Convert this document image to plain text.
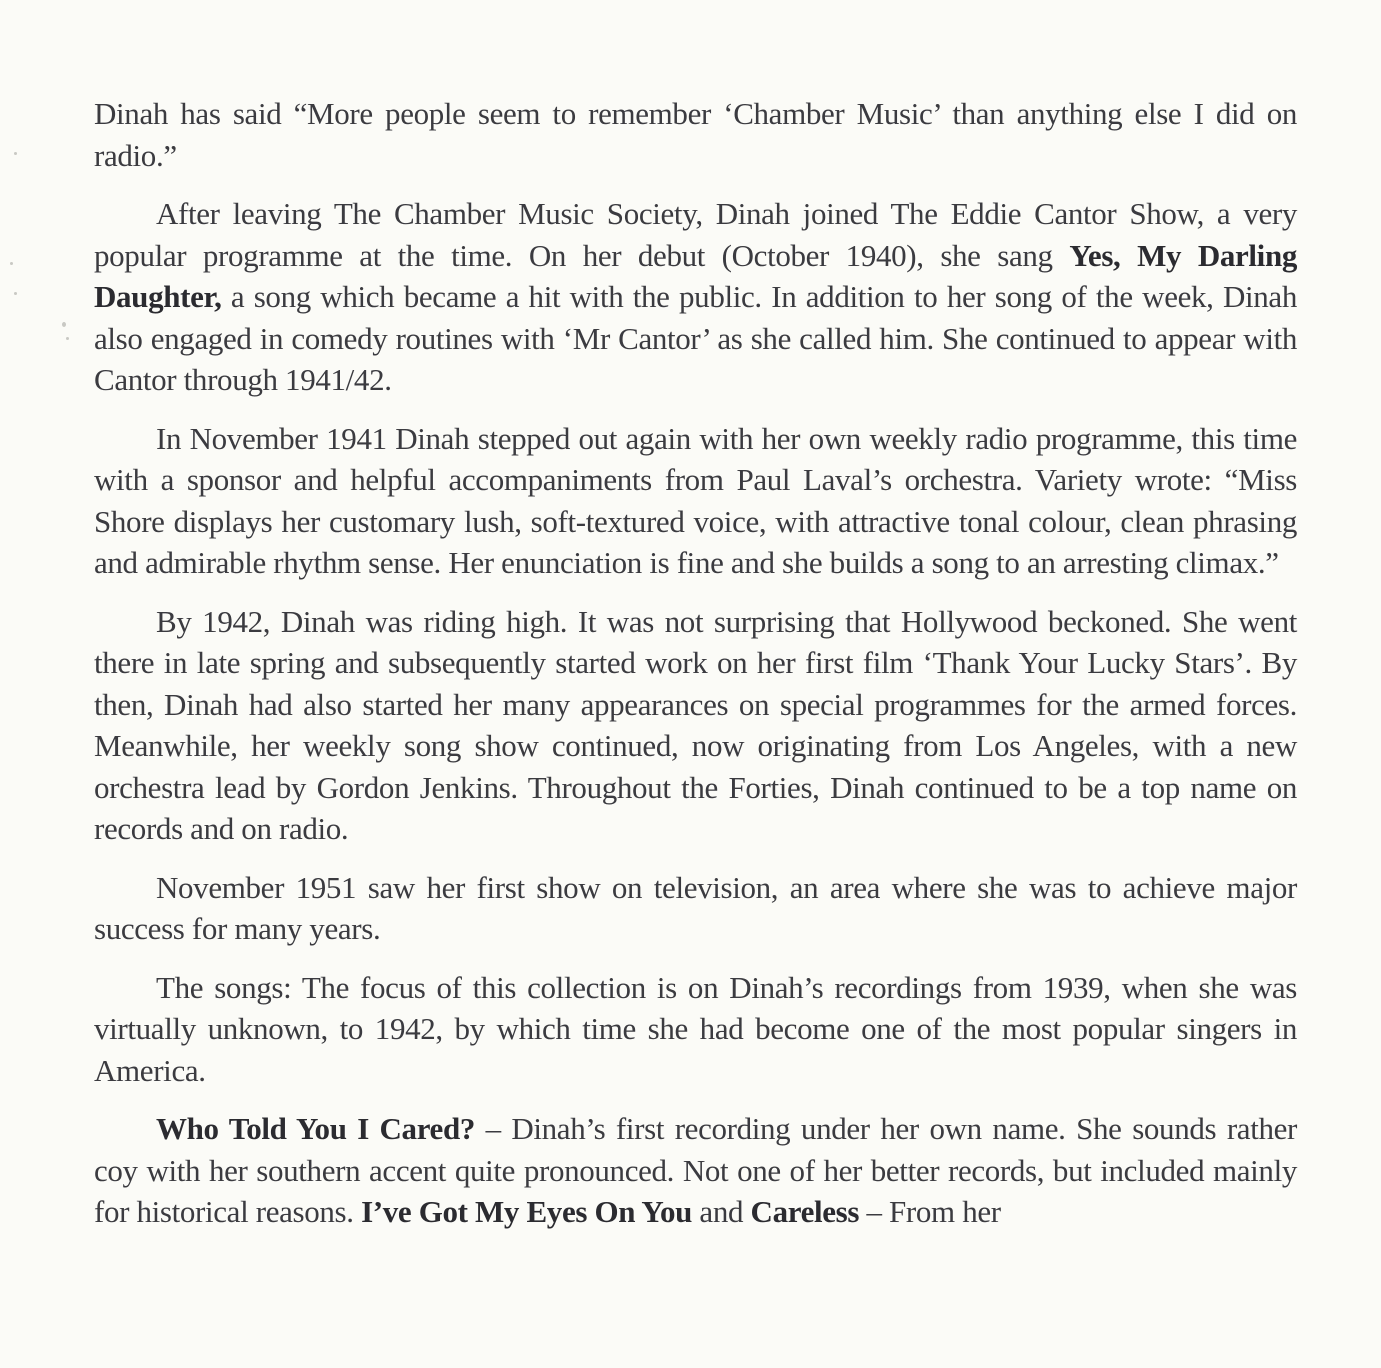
Dinah has said “More people seem to remember ‘Chamber Music’ than anything else I did on radio.”

After leaving The Chamber Music Society, Dinah joined The Eddie Cantor Show, a very popular programme at the time. On her debut (October 1940), she sang Yes, My Darling Daughter, a song which became a hit with the public. In addition to her song of the week, Dinah also engaged in comedy routines with ‘Mr Cantor’ as she called him. She continued to appear with Cantor through 1941/42.

In November 1941 Dinah stepped out again with her own weekly radio programme, this time with a sponsor and helpful accompaniments from Paul Laval’s orchestra. Variety wrote: “Miss Shore displays her customary lush, soft-textured voice, with attractive tonal colour, clean phrasing and admirable rhythm sense. Her enunciation is fine and she builds a song to an arresting climax.”

By 1942, Dinah was riding high. It was not surprising that Hollywood beckoned. She went there in late spring and subsequently started work on her first film ‘Thank Your Lucky Stars’. By then, Dinah had also started her many appearances on special programmes for the armed forces. Meanwhile, her weekly song show continued, now originating from Los Angeles, with a new orchestra lead by Gordon Jenkins. Throughout the Forties, Dinah continued to be a top name on records and on radio.

November 1951 saw her first show on television, an area where she was to achieve major success for many years.

The songs: The focus of this collection is on Dinah’s recordings from 1939, when she was virtually unknown, to 1942, by which time she had become one of the most popular singers in America.

Who Told You I Cared? – Dinah’s first recording under her own name. She sounds rather coy with her southern accent quite pronounced. Not one of her better records, but included mainly for historical reasons. I’ve Got My Eyes On You and Careless – From her
